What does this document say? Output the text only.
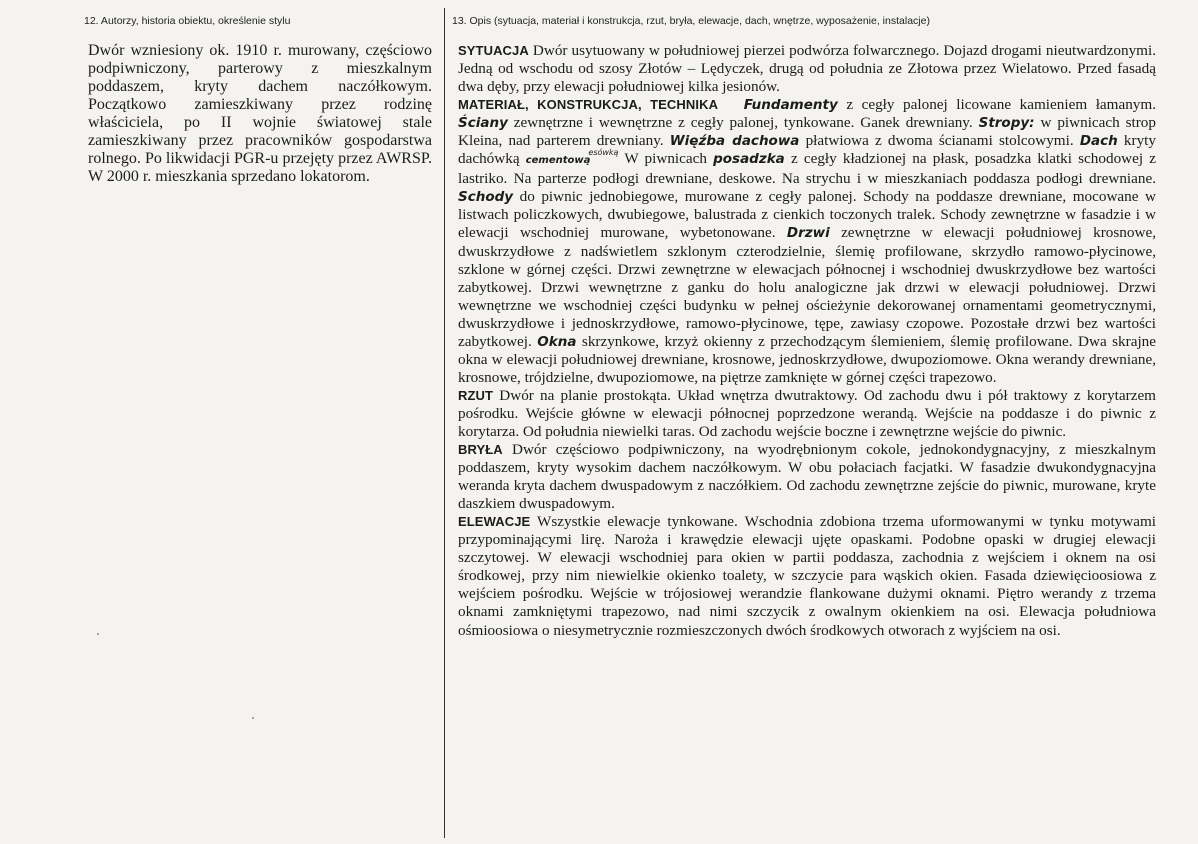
12. Autorzy, historia obiektu, określenie stylu
Dwór wzniesiony ok. 1910 r. murowany, częściowo podpiwniczony, parterowy z mieszkalnym poddaszem, kryty dachem naczółkowym. Początkowo zamieszkiwany przez rodzinę właściciela, po II wojnie światowej stale zamieszkiwany przez pracowników gospodarstwa rolnego. Po likwidacji PGR-u przejęty przez AWRSP. W 2000 r. mieszkania sprzedano lokatorom.
13. Opis (sytuacja, materiał i konstrukcja, rzut, bryła, elewacje, dach, wnętrze, wyposażenie, instalacje)

SYTUACJA Dwór usytuowany w południowej pierzei podwórza folwarcznego. Dojazd drogami nieutwardzonymi. Jedną od wschodu od szosy Złotów – Lędyczek, drugą od południa ze Złotowa przez Wielatowo. Przed fasadą dwa dęby, przy elewacji południowej kilka jesionów.

MATERIAŁ, KONSTRUKCJA, TECHNIKA Fundamenty z cegły palonej licowane kamieniem łamanym. Ściany zewnętrzne i wewnętrzne z cegły palonej, tynkowane. Ganek drewniany. Stropy: w piwnicach strop Kleina, nad parterem drewniany. Więźba dachowa płatwiowa z dwoma ścianami stolcowymi. Dach kryty dachówką cementową$^{esówką}$ W piwnicach posadzka z cegły kładzionej na płask, posadzka klatki schodowej z lastriko. Na parterze podłogi drewniane, deskowe. Na strychu i w mieszkaniach poddasza podłogi drewniane. Schody do piwnic jednobiegowe, murowane z cegły palonej. Schody na poddasze drewniane, mocowane w listwach policzkowych, dwubiegowe, balustrada z cienkich toczonych tralek. Schody zewnętrzne w fasadzie i w elewacji wschodniej murowane, wybetonowane. Drzwi zewnętrzne w elewacji południowej krosnowe, dwuskrzydłowe z nadświetlem szklonym czterodzielnie, ślemię profilowane, skrzydło ramowo-płycinowe, szklone w górnej części. Drzwi zewnętrzne w elewacjach północnej i wschodniej dwuskrzydłowe bez wartości zabytkowej. Drzwi wewnętrzne z ganku do holu analogiczne jak drzwi w elewacji południowej. Drzwi wewnętrzne we wschodniej części budynku w pełnej ościeżynie dekorowanej ornamentami geometrycznymi, dwuskrzydłowe i jednoskrzydłowe, ramowo-płycinowe, tępe, zawiasy czopowe. Pozostałe drzwi bez wartości zabytkowej. Okna skrzynkowe, krzyż okienny z przechodzącym ślemieniem, ślemię profilowane. Dwa skrajne okna w elewacji południowej drewniane, krosnowe, jednoskrzydłowe, dwupoziomowe. Okna werandy drewniane, krosnowe, trójdzielne, dwupoziomowe, na piętrze zamknięte w górnej części trapezowo.

RZUT Dwór na planie prostokąta. Układ wnętrza dwutraktowy. Od zachodu dwu i pół traktowy z korytarzem pośrodku. Wejście główne w elewacji północnej poprzedzone werandą. Wejście na poddasze i do piwnic z korytarza. Od południa niewielki taras. Od zachodu wejście boczne i zewnętrzne wejście do piwnic.

BRYŁA Dwór częściowo podpiwniczony, na wyodrębnionym cokole, jednokondygnacyjny, z mieszkalnym poddaszem, kryty wysokim dachem naczółkowym. W obu połaciach facjatki. W fasadzie dwukondygnacyjna weranda kryta dachem dwuspadowym z naczółkiem. Od zachodu zewnętrzne zejście do piwnic, murowane, kryte daszkiem dwuspadowym.

ELEWACJE Wszystkie elewacje tynkowane. Wschodnia zdobiona trzema uformowanymi w tynku motywami przypominającymi lirę. Naroża i krawędzie elewacji ujęte opaskami. Podobne opaski w drugiej elewacji szczytowej. W elewacji wschodniej para okien w partii poddasza, zachodnia z wejściem i oknem na osi środkowej, przy nim niewielkie okienko toalety, w szczycie para wąskich okien. Fasada dziewięcioosiowa z wejściem pośrodku. Wejście w trójosiowej werandzie flankowane dużymi oknami. Piętro werandy z trzema oknami zamkniętymi trapezowo, nad nimi szczycik z owalnym okienkiem na osi. Elewacja południowa ośmioosiowa o niesymetrycznie rozmieszczonych dwóch środkowych otworach z wyjściem na osi.
